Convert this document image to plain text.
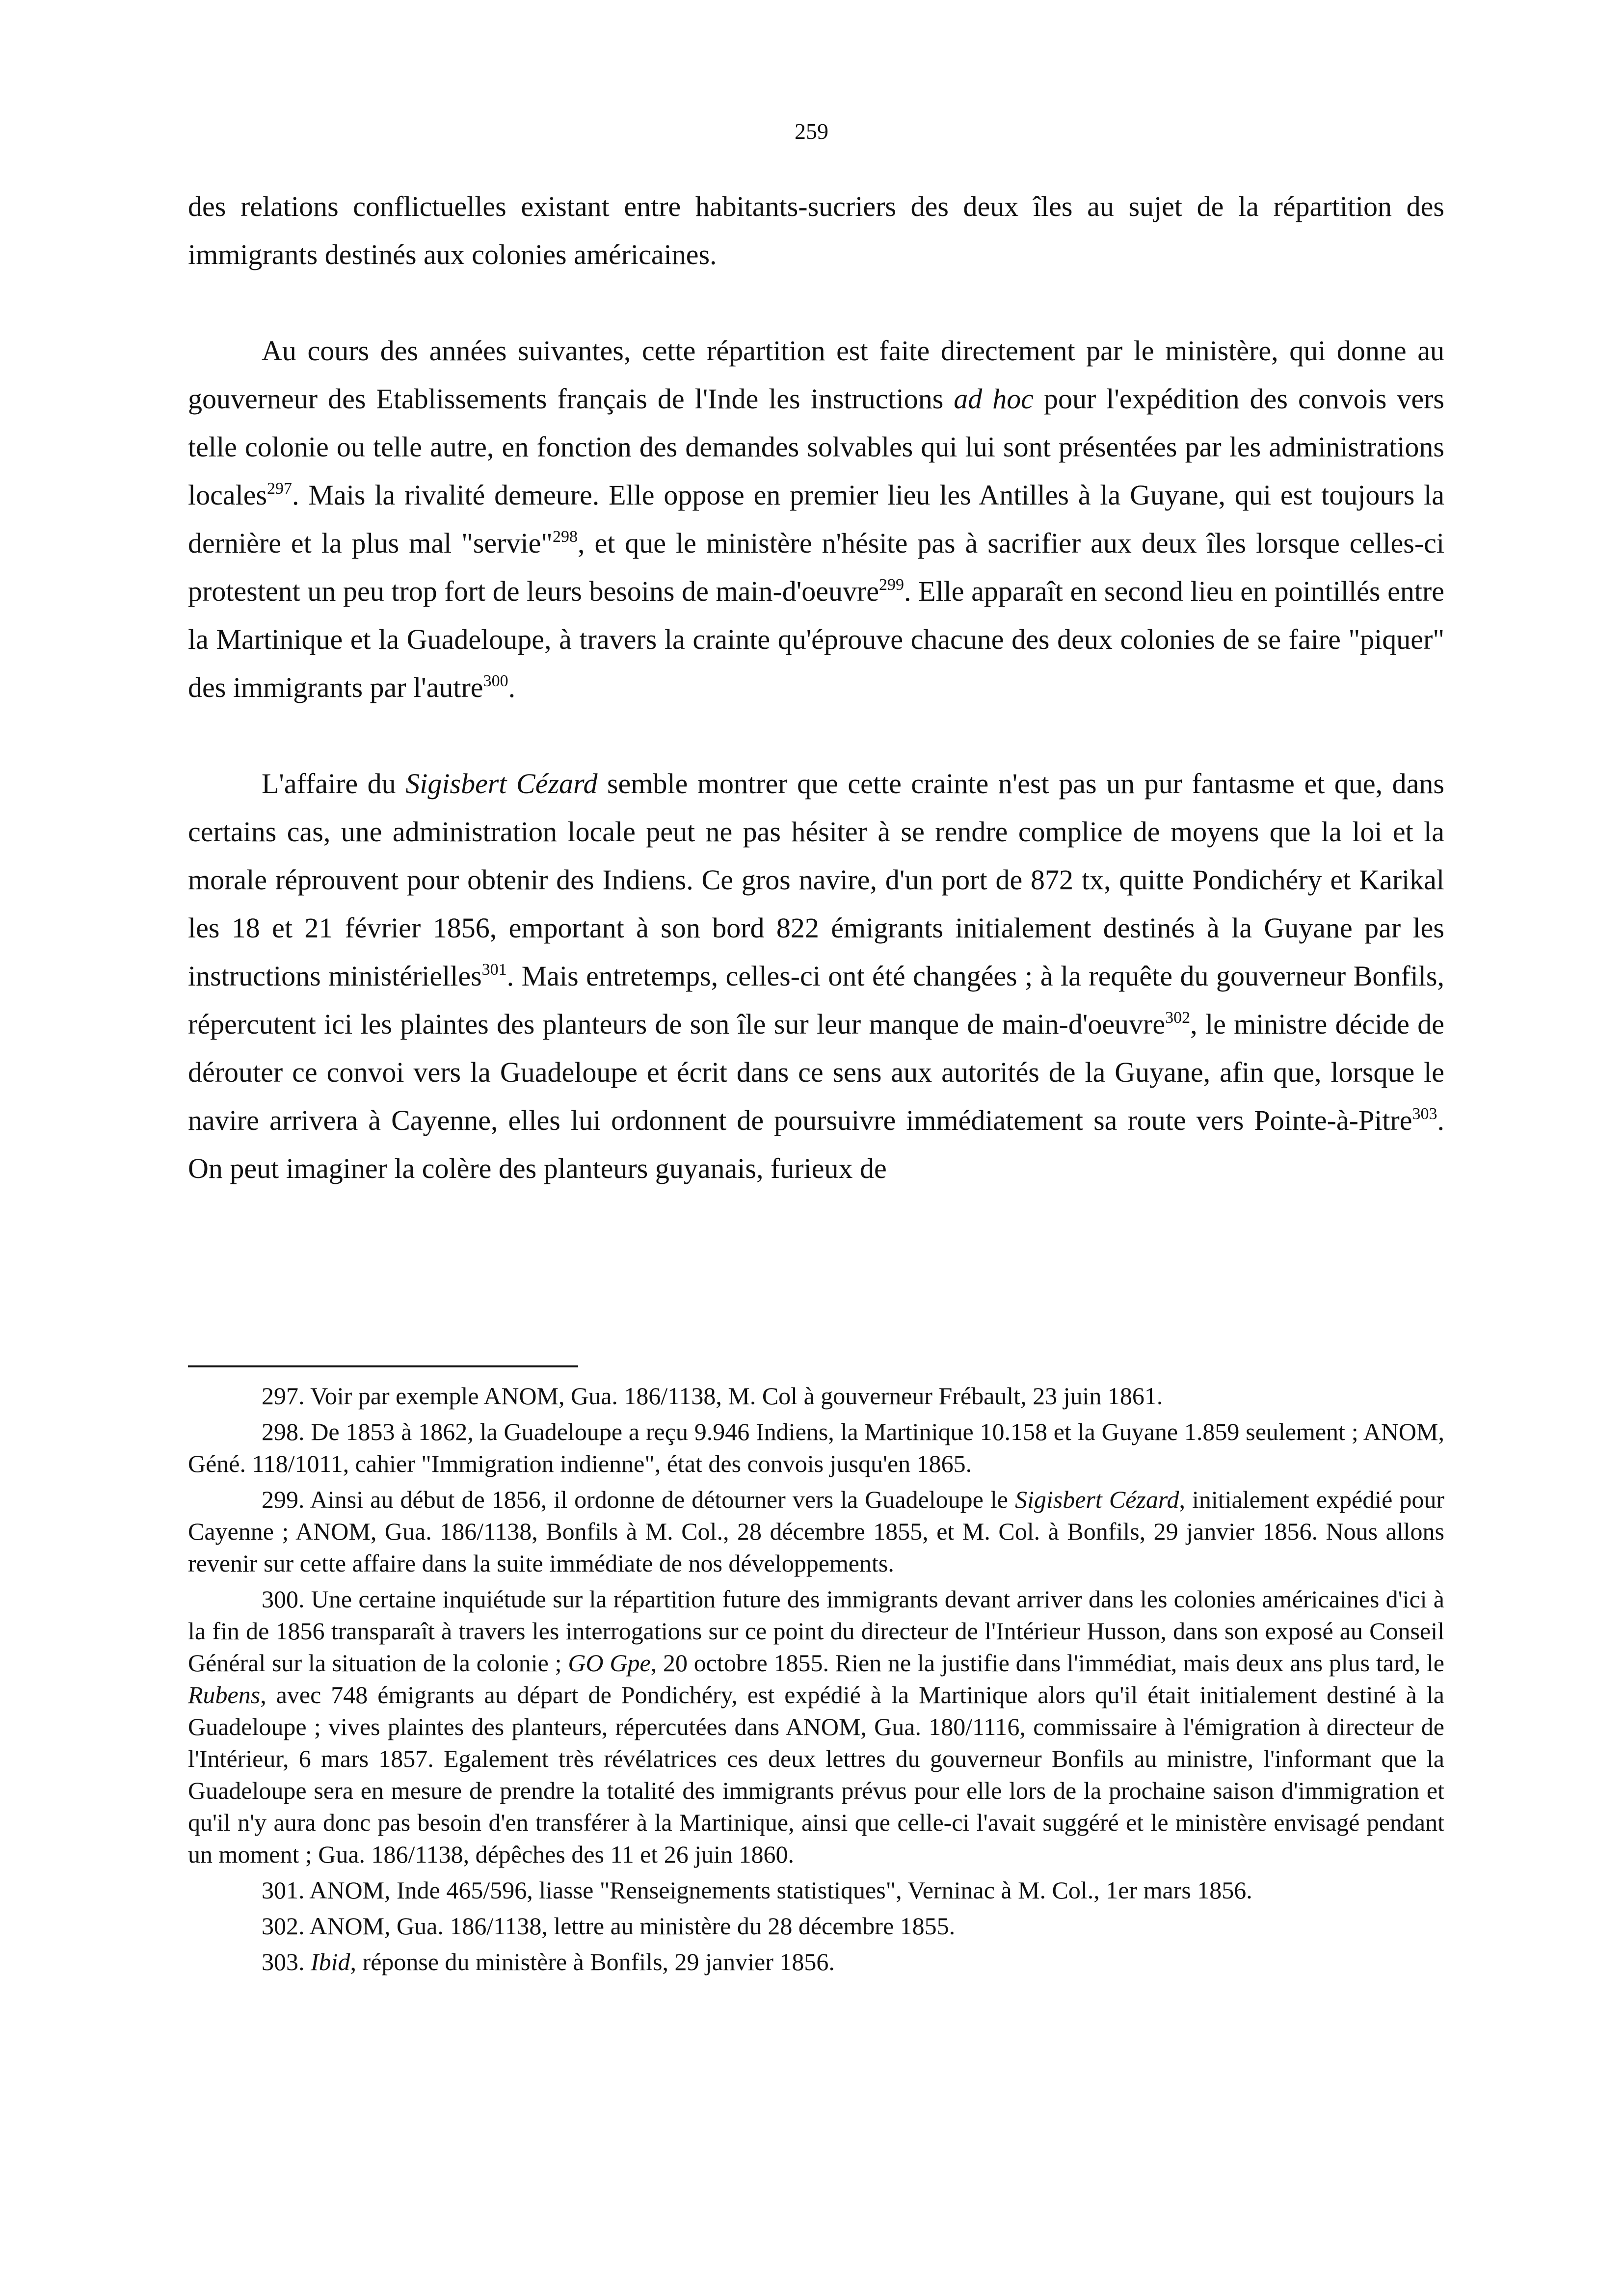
259

des relations conflictuelles existant entre habitants-sucriers des deux îles au sujet de la répartition des immigrants destinés aux colonies américaines.

Au cours des années suivantes, cette répartition est faite directement par le ministère, qui donne au gouverneur des Etablissements français de l'Inde les instructions ad hoc pour l'expédition des convois vers telle colonie ou telle autre, en fonction des demandes solvables qui lui sont présentées par les administrations locales$^{297}$. Mais la rivalité demeure. Elle oppose en premier lieu les Antilles à la Guyane, qui est toujours la dernière et la plus mal "servie"$^{298}$, et que le ministère n'hésite pas à sacrifier aux deux îles lorsque celles-ci protestent un peu trop fort de leurs besoins de main-d'oeuvre$^{299}$. Elle apparaît en second lieu en pointillés entre la Martinique et la Guadeloupe, à travers la crainte qu'éprouve chacune des deux colonies de se faire "piquer" des immigrants par l'autre$^{300}$.

L'affaire du Sigisbert Cézard semble montrer que cette crainte n'est pas un pur fantasme et que, dans certains cas, une administration locale peut ne pas hésiter à se rendre complice de moyens que la loi et la morale réprouvent pour obtenir des Indiens. Ce gros navire, d'un port de 872 tx, quitte Pondichéry et Karikal les 18 et 21 février 1856, emportant à son bord 822 émigrants initialement destinés à la Guyane par les instructions ministérielles$^{301}$. Mais entretemps, celles-ci ont été changées ; à la requête du gouverneur Bonfils, répercutent ici les plaintes des planteurs de son île sur leur manque de main-d'oeuvre$^{302}$, le ministre décide de dérouter ce convoi vers la Guadeloupe et écrit dans ce sens aux autorités de la Guyane, afin que, lorsque le navire arrivera à Cayenne, elles lui ordonnent de poursuivre immédiatement sa route vers Pointe-à-Pitre$^{303}$. On peut imaginer la colère des planteurs guyanais, furieux de

297. Voir par exemple ANOM, Gua. 186/1138, M. Col à gouverneur Frébault, 23 juin 1861.

298. De 1853 à 1862, la Guadeloupe a reçu 9.946 Indiens, la Martinique 10.158 et la Guyane 1.859 seulement ; ANOM, Géné. 118/1011, cahier "Immigration indienne", état des convois jusqu'en 1865.

299. Ainsi au début de 1856, il ordonne de détourner vers la Guadeloupe le Sigisbert Cézard, initialement expédié pour Cayenne ; ANOM, Gua. 186/1138, Bonfils à M. Col., 28 décembre 1855, et M. Col. à Bonfils, 29 janvier 1856. Nous allons revenir sur cette affaire dans la suite immédiate de nos développements.

300. Une certaine inquiétude sur la répartition future des immigrants devant arriver dans les colonies américaines d'ici à la fin de 1856 transparaît à travers les interrogations sur ce point du directeur de l'Intérieur Husson, dans son exposé au Conseil Général sur la situation de la colonie ; GO Gpe, 20 octobre 1855. Rien ne la justifie dans l'immédiat, mais deux ans plus tard, le Rubens, avec 748 émigrants au départ de Pondichéry, est expédié à la Martinique alors qu'il était initialement destiné à la Guadeloupe ; vives plaintes des planteurs, répercutées dans ANOM, Gua. 180/1116, commissaire à l'émigration à directeur de l'Intérieur, 6 mars 1857. Egalement très révélatrices ces deux lettres du gouverneur Bonfils au ministre, l'informant que la Guadeloupe sera en mesure de prendre la totalité des immigrants prévus pour elle lors de la prochaine saison d'immigration et qu'il n'y aura donc pas besoin d'en transférer à la Martinique, ainsi que celle-ci l'avait suggéré et le ministère envisagé pendant un moment ; Gua. 186/1138, dépêches des 11 et 26 juin 1860.

301. ANOM, Inde 465/596, liasse "Renseignements statistiques", Verninac à M. Col., 1er mars 1856.

302. ANOM, Gua. 186/1138, lettre au ministère du 28 décembre 1855.

303. Ibid, réponse du ministère à Bonfils, 29 janvier 1856.
